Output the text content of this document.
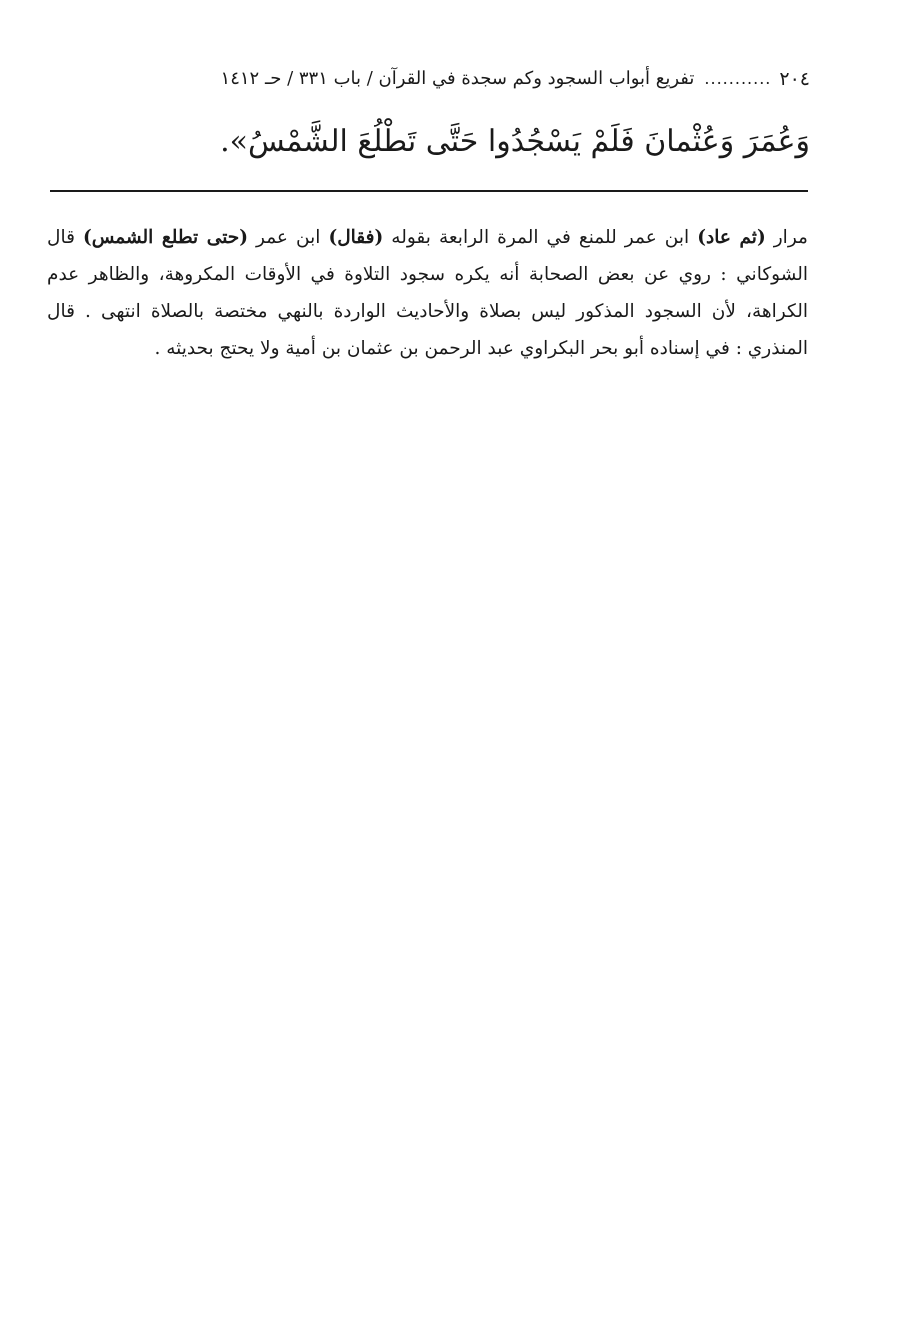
٢٠٤
...........
تفريع أبواب السجود وكم سجدة في القرآن / باب ٣٣١ / حـ ١٤١٢
وَعُمَرَ وَعُثْمانَ فَلَمْ يَسْجُدُوا حَتَّى تَطْلُعَ الشَّمْسُ».
مرار (ثم عاد) ابن عمر للمنع في المرة الرابعة بقوله (فقال) ابن عمر (حتى تطلع الشمس) قال الشوكاني : روي عن بعض الصحابة أنه يكره سجود التلاوة في الأوقات المكروهة، والظاهر عدم الكراهة، لأن السجود المذكور ليس بصلاة والأحاديث الواردة بالنهي مختصة بالصلاة انتهى . قال المنذري : في إسناده أبو بحر البكراوي عبد الرحمن بن عثمان بن أمية ولا يحتج بحديثه .
